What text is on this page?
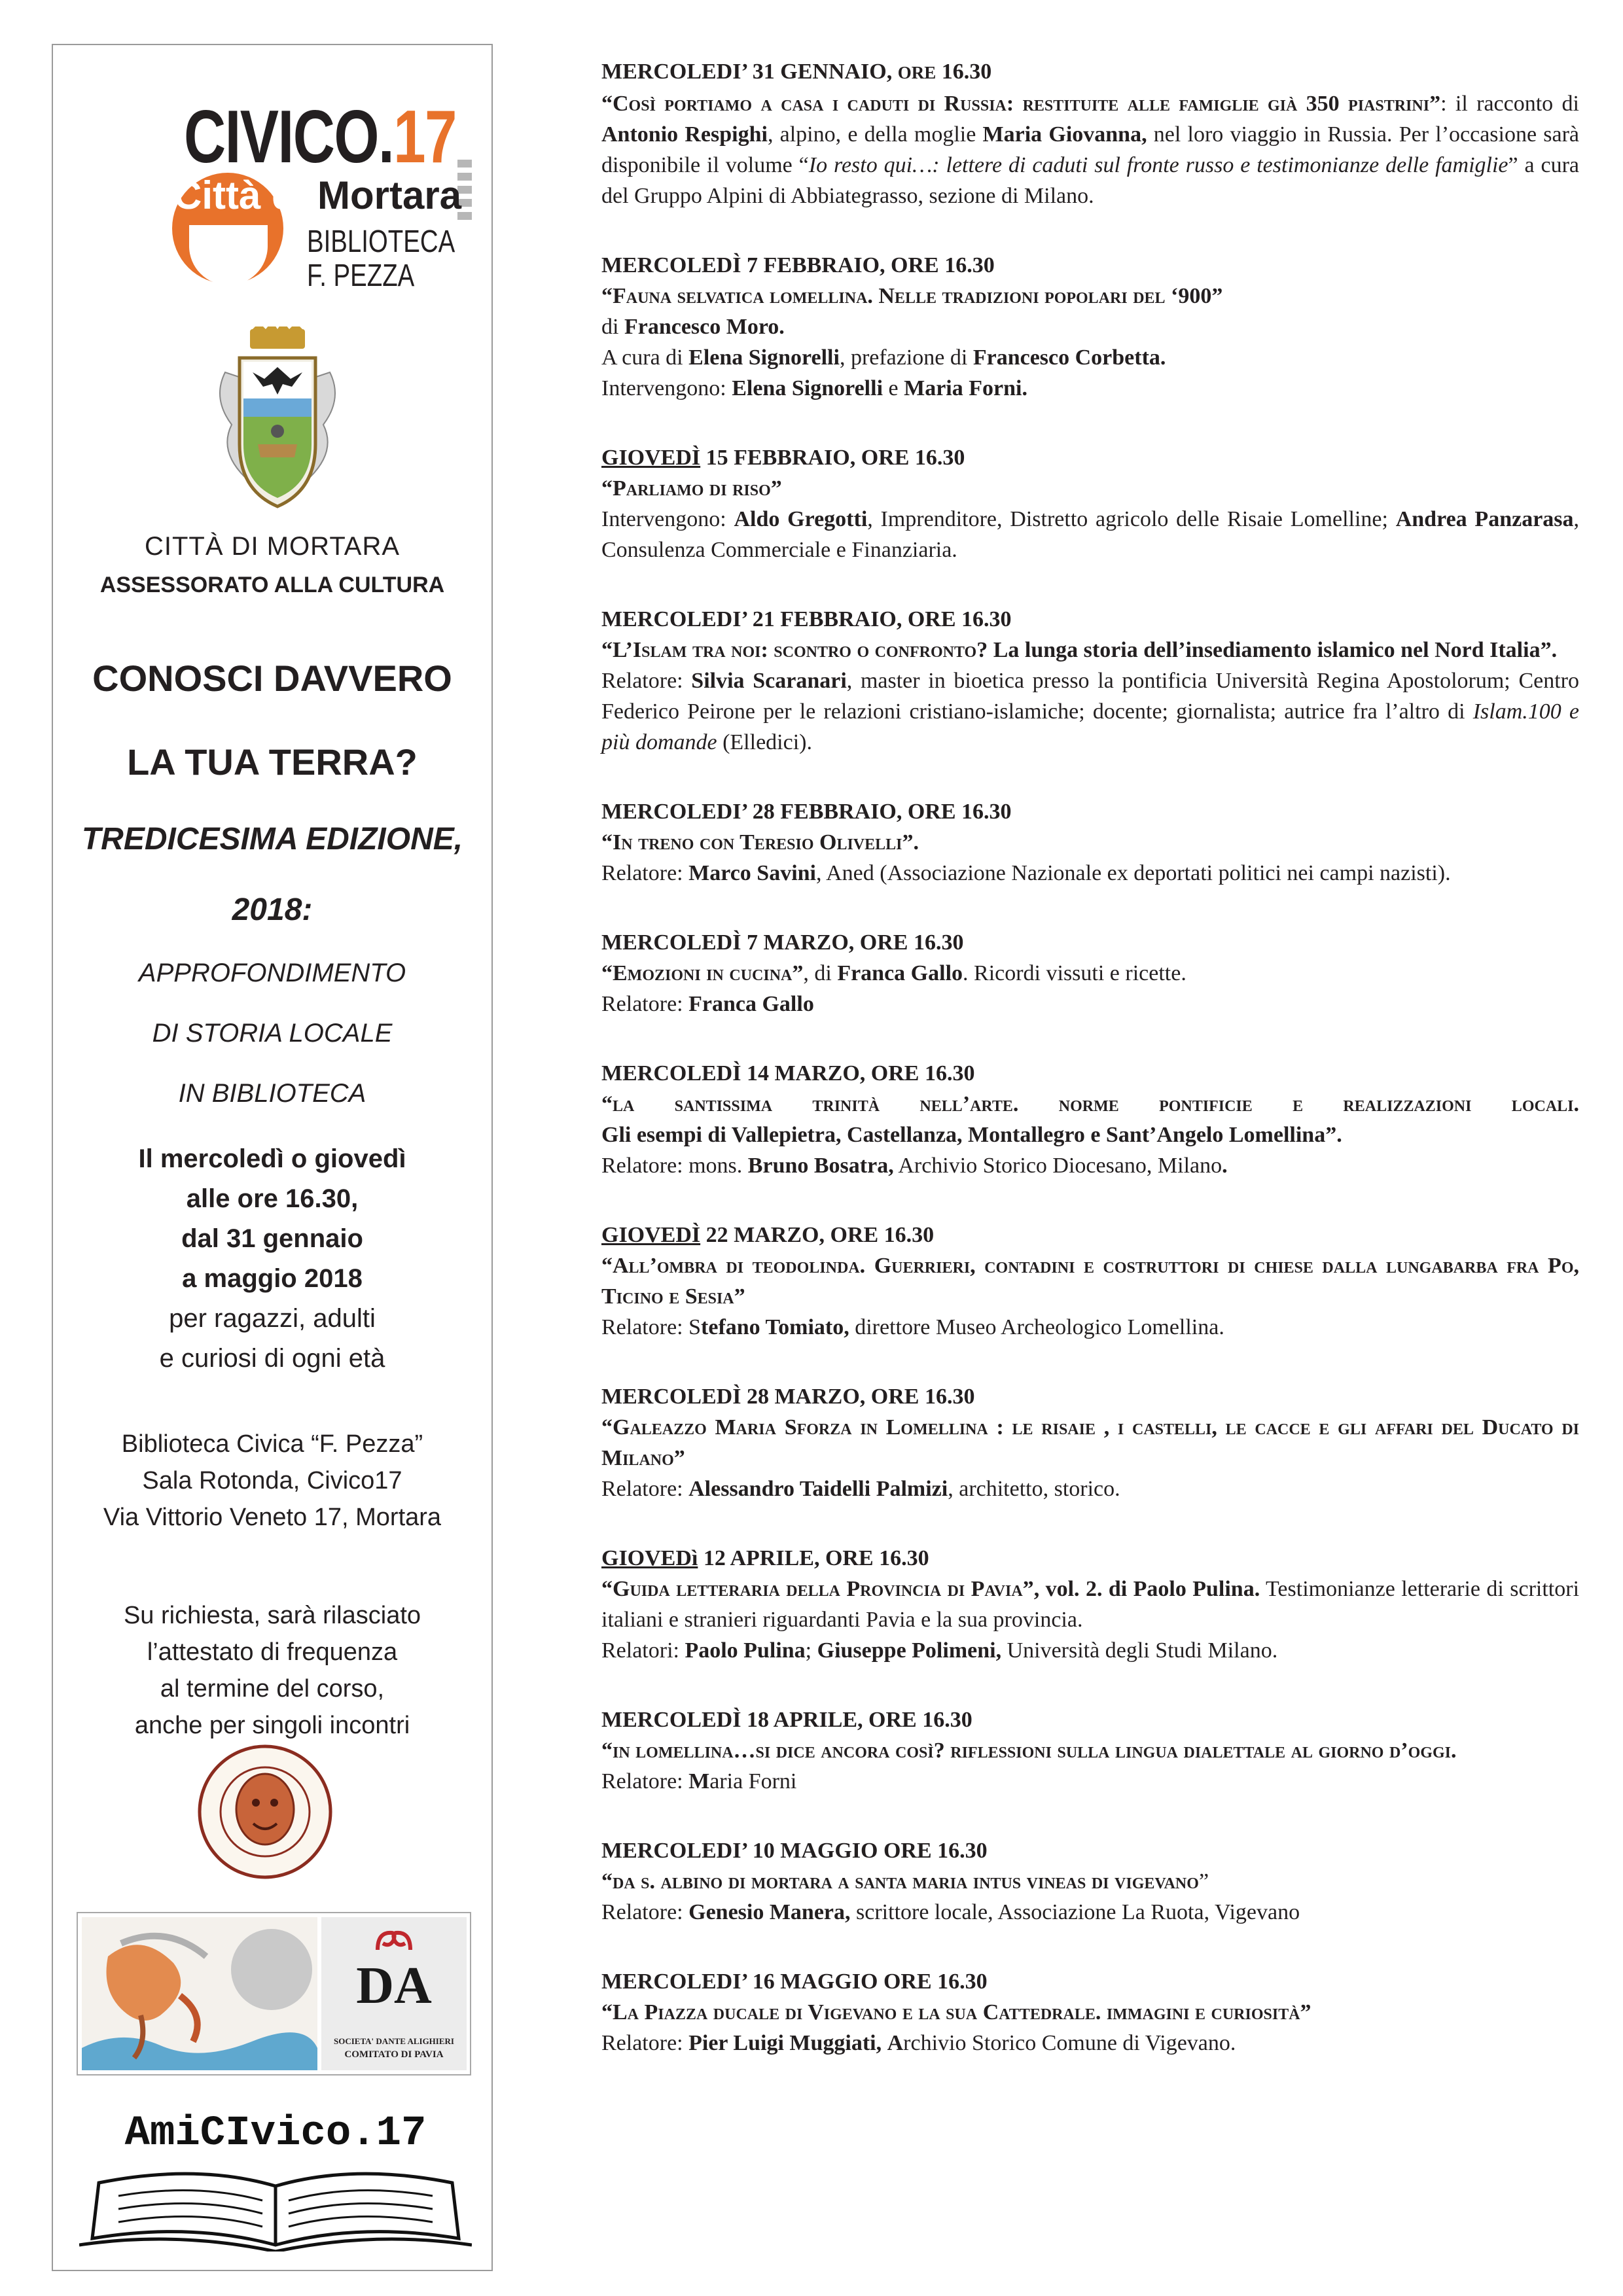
CIVICO.17
Città di Mortara
BIBLIOTECA
F. PEZZA
CITTÀ DI MORTARA
ASSESSORATO ALLA CULTURA
CONOSCI DAVVERO
LA TUA TERRA?
TREDICESIMA EDIZIONE,
2018:
APPROFONDIMENTO
DI STORIA LOCALE
IN BIBLIOTECA
Il mercoledì o giovedì
alle ore 16.30,
dal 31 gennaio
a maggio 2018
per ragazzi, adulti
e curiosi di ogni età
Biblioteca Civica “F. Pezza”
Sala Rotonda, Civico17
Via Vittorio Veneto 17, Mortara
Su richiesta, sarà rilasciato
l’attestato di frequenza
al termine del corso,
anche per singoli incontri
DA
SOCIETA' DANTE ALIGHIERI
COMITATO DI PAVIA
AmiCIvico.17

MERCOLEDI’ 31 GENNAIO, ORE 16.30

“Così portiamo a casa i caduti di Russia: restituite alle famiglie già 350 piastrini”: il racconto di Antonio Respighi, alpino, e della moglie Maria Giovanna, nel loro viaggio in Russia. Per l’occasione sarà disponibile il volume “Io resto qui…: lettere di caduti sul fronte russo e testimonianze delle famiglie” a cura del Gruppo Alpini di Abbiategrasso, sezione di Milano.

MERCOLEDÌ 7 FEBBRAIO, ORE 16.30

“Fauna selvatica lomellina. Nelle tradizioni popolari del ‘900”

di Francesco Moro.

A cura di Elena Signorelli, prefazione di Francesco Corbetta.

Intervengono: Elena Signorelli e Maria Forni.

GIOVEDÌ 15 FEBBRAIO, ORE 16.30

“Parliamo di riso”

Intervengono: Aldo Gregotti, Imprenditore, Distretto agricolo delle Risaie Lomelline; Andrea Panzarasa, Consulenza Commerciale e Finanziaria.

MERCOLEDI’ 21 FEBBRAIO, ORE 16.30

“L’Islam tra noi: scontro o confronto? La lunga storia dell’insediamento islamico nel Nord Italia”.

Relatore: Silvia Scaranari, master in bioetica presso la pontificia Università Regina Apostolorum; Centro Federico Peirone per le relazioni cristiano-islamiche; docente; giornalista; autrice fra l’altro di Islam.100 e più domande (Elledici).

MERCOLEDI’ 28 FEBBRAIO, ORE 16.30

“In treno con Teresio Olivelli”.

Relatore: Marco Savini, Aned (Associazione Nazionale ex deportati politici nei campi nazisti).

MERCOLEDÌ 7 MARZO, ORE 16.30

“Emozioni in cucina”, di Franca Gallo. Ricordi vissuti e ricette.

Relatore: Franca Gallo

MERCOLEDÌ 14 MARZO, ORE 16.30

“la santissima trinità nell’arte. norme pontificie e realizzazioni locali.

Gli esempi di Vallepietra, Castellanza, Montallegro e Sant’Angelo Lomellina”.

Relatore: mons. Bruno Bosatra, Archivio Storico Diocesano, Milano.

GIOVEDÌ 22 MARZO, ORE 16.30

“All’ombra di teodolinda. Guerrieri, contadini e costruttori di chiese dalla lungabarba fra Po, Ticino e Sesia”

Relatore: Stefano Tomiato, direttore Museo Archeologico Lomellina.

MERCOLEDÌ 28 MARZO, ORE 16.30

“Galeazzo Maria Sforza in Lomellina : le risaie , i castelli, le cacce e gli affari del Ducato di Milano”

Relatore: Alessandro Taidelli Palmizi, architetto, storico.

GIOVEDì 12 APRILE, ORE 16.30

“Guida letteraria della Provincia di Pavia”, vol. 2. di Paolo Pulina. Testimonianze letterarie di scrittori italiani e stranieri riguardanti Pavia e la sua provincia.

Relatori: Paolo Pulina; Giuseppe Polimeni, Università degli Studi Milano.

MERCOLEDÌ 18 APRILE, ORE 16.30

“in lomellina…si dice ancora così? riflessioni sulla lingua dialettale al giorno d’oggi.

Relatore: Maria Forni

MERCOLEDI’ 10 MAGGIO ORE 16.30

“da s. albino di mortara a santa maria intus vineas di vigevano”

Relatore: Genesio Manera, scrittore locale, Associazione La Ruota, Vigevano

MERCOLEDI’ 16 MAGGIO ORE 16.30

“La Piazza ducale di Vigevano e la sua Cattedrale. immagini e curiosità”

Relatore: Pier Luigi Muggiati, Archivio Storico Comune di Vigevano.
